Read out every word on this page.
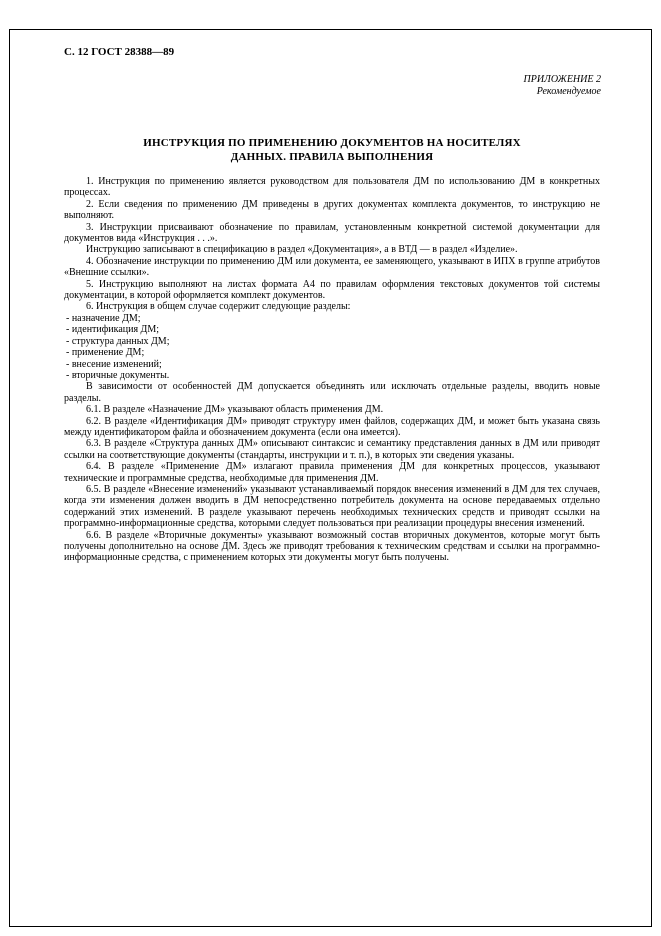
С. 12 ГОСТ 28388—89
ПРИЛОЖЕНИЕ 2
Рекомендуемое
ИНСТРУКЦИЯ ПО ПРИМЕНЕНИЮ ДОКУМЕНТОВ НА НОСИТЕЛЯХ
ДАННЫХ. ПРАВИЛА ВЫПОЛНЕНИЯ

1. Инструкция по применению является руководством для пользователя ДМ по использованию ДМ в конкретных процессах.

2. Если сведения по применению ДМ приведены в других документах комплекта документов, то инструкцию не выполняют.

3. Инструкции присваивают обозначение по правилам, установленным конкретной системой документации для документов вида «Инструкция . . .».

Инструкцию записывают в спецификацию в раздел «Документация», а в ВТД — в раздел «Изделие».

4. Обозначение инструкции по применению ДМ или документа, ее заменяющего, указывают в ИПХ в группе атрибутов «Внешние ссылки».

5. Инструкцию выполняют на листах формата А4 по правилам оформления текстовых документов той системы документации, в которой оформляется комплект документов.

6. Инструкция в общем случае содержит следующие разделы:

- назначение ДМ;

- идентификация ДМ;

- структура данных ДМ;

- применение ДМ;

- внесение изменений;

- вторичные документы.

В зависимости от особенностей ДМ допускается объединять или исключать отдельные разделы, вводить новые разделы.

6.1. В разделе «Назначение ДМ» указывают область применения ДМ.

6.2. В разделе «Идентификация ДМ» приводят структуру имен файлов, содержащих ДМ, и может быть указана связь между идентификатором файла и обозначением документа (если она имеется).

6.3. В разделе «Структура данных ДМ» описывают синтаксис и семантику представления данных в ДМ или приводят ссылки на соответствующие документы (стандарты, инструкции и т. п.), в которых эти сведения указаны.

6.4. В разделе «Применение ДМ» излагают правила применения ДМ для конкретных процессов, указывают технические и программные средства, необходимые для применения ДМ.

6.5. В разделе «Внесение изменений» указывают устанавливаемый порядок внесения изменений в ДМ для тех случаев, когда эти изменения должен вводить в ДМ непосредственно потребитель документа на основе передаваемых отдельно содержаний этих изменений. В разделе указывают перечень необходимых технических средств и приводят ссылки на программно-информационные средства, которыми следует пользоваться при реализации процедуры внесения изменений.

6.6. В разделе «Вторичные документы» указывают возможный состав вторичных документов, которые могут быть получены дополнительно на основе ДМ. Здесь же приводят требования к техническим средствам и ссылки на программно-информационные средства, с применением которых эти документы могут быть получены.
